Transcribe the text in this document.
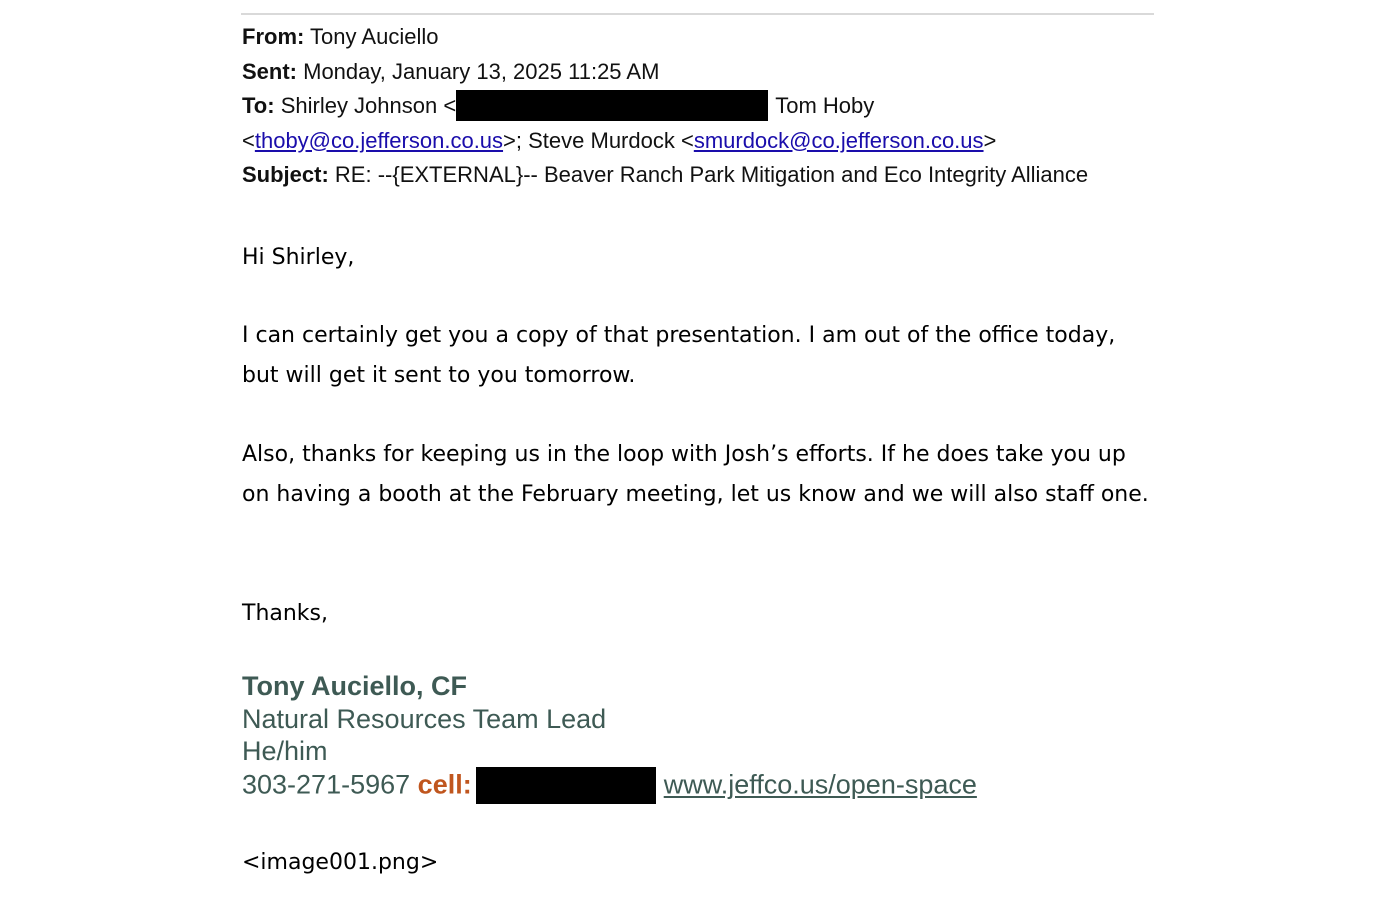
From: Tony Auciello
Sent: Monday, January 13, 2025 11:25 AM
To: Shirley Johnson <	Tom Hoby
<thoby@co.jefferson.co.us>; Steve Murdock <smurdock@co.jefferson.co.us>
Subject: RE: --{EXTERNAL}-- Beaver Ranch Park Mitigation and Eco Integrity Alliance
Hi Shirley,
I can certainly get you a copy of that presentation. I am out of the office today, but will get it sent to you tomorrow.
Also, thanks for keeping us in the loop with Josh’s efforts. If he does take you up on having a booth at the February meeting, let us know and we will also staff one.
Thanks,
Tony Auciello, CF
Natural Resources Team Lead
He/him
303-271-5967 cell:	www.jeffco.us/open-space
<image001.png>
